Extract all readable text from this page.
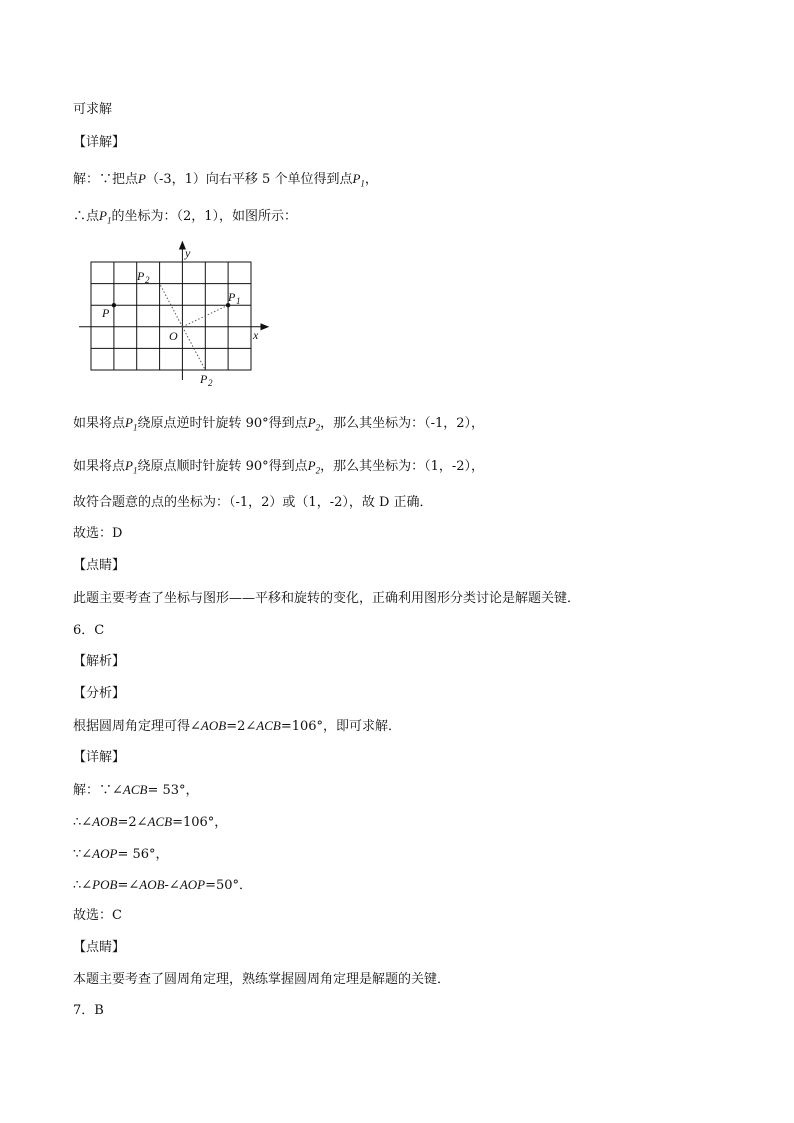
可求解
【详解】
解：∵把点P（-3，1）向右平移 5 个单位得到点$P_1$，
∴点$P_1$的坐标为：（2，1），如图所示：
y
x
O
P
P 1
P 2
P 2
如果将点$P_1$绕原点逆时针旋转 90°得到点$P_2$，那么其坐标为：（-1，2），
如果将点$P_1$绕原点顺时针旋转 90°得到点$P_2$，那么其坐标为：（1，-2），
故符合题意的点的坐标为：（-1，2）或（1，-2），故 D 正确．
故选：D
【点睛】
此题主要考查了坐标与图形——平移和旋转的变化，正确利用图形分类讨论是解题关键．
6．C
【解析】
【分析】
根据圆周角定理可得∠AOB=2∠ACB=106°，即可求解．
【详解】
解：∵∠ACB= 53°，
∴∠AOB=2∠ACB=106°，
∵∠AOP= 56°，
∴∠POB=∠AOB-∠AOP=50°．
故选：C
【点睛】
本题主要考查了圆周角定理，熟练掌握圆周角定理是解题的关键．
7．B
